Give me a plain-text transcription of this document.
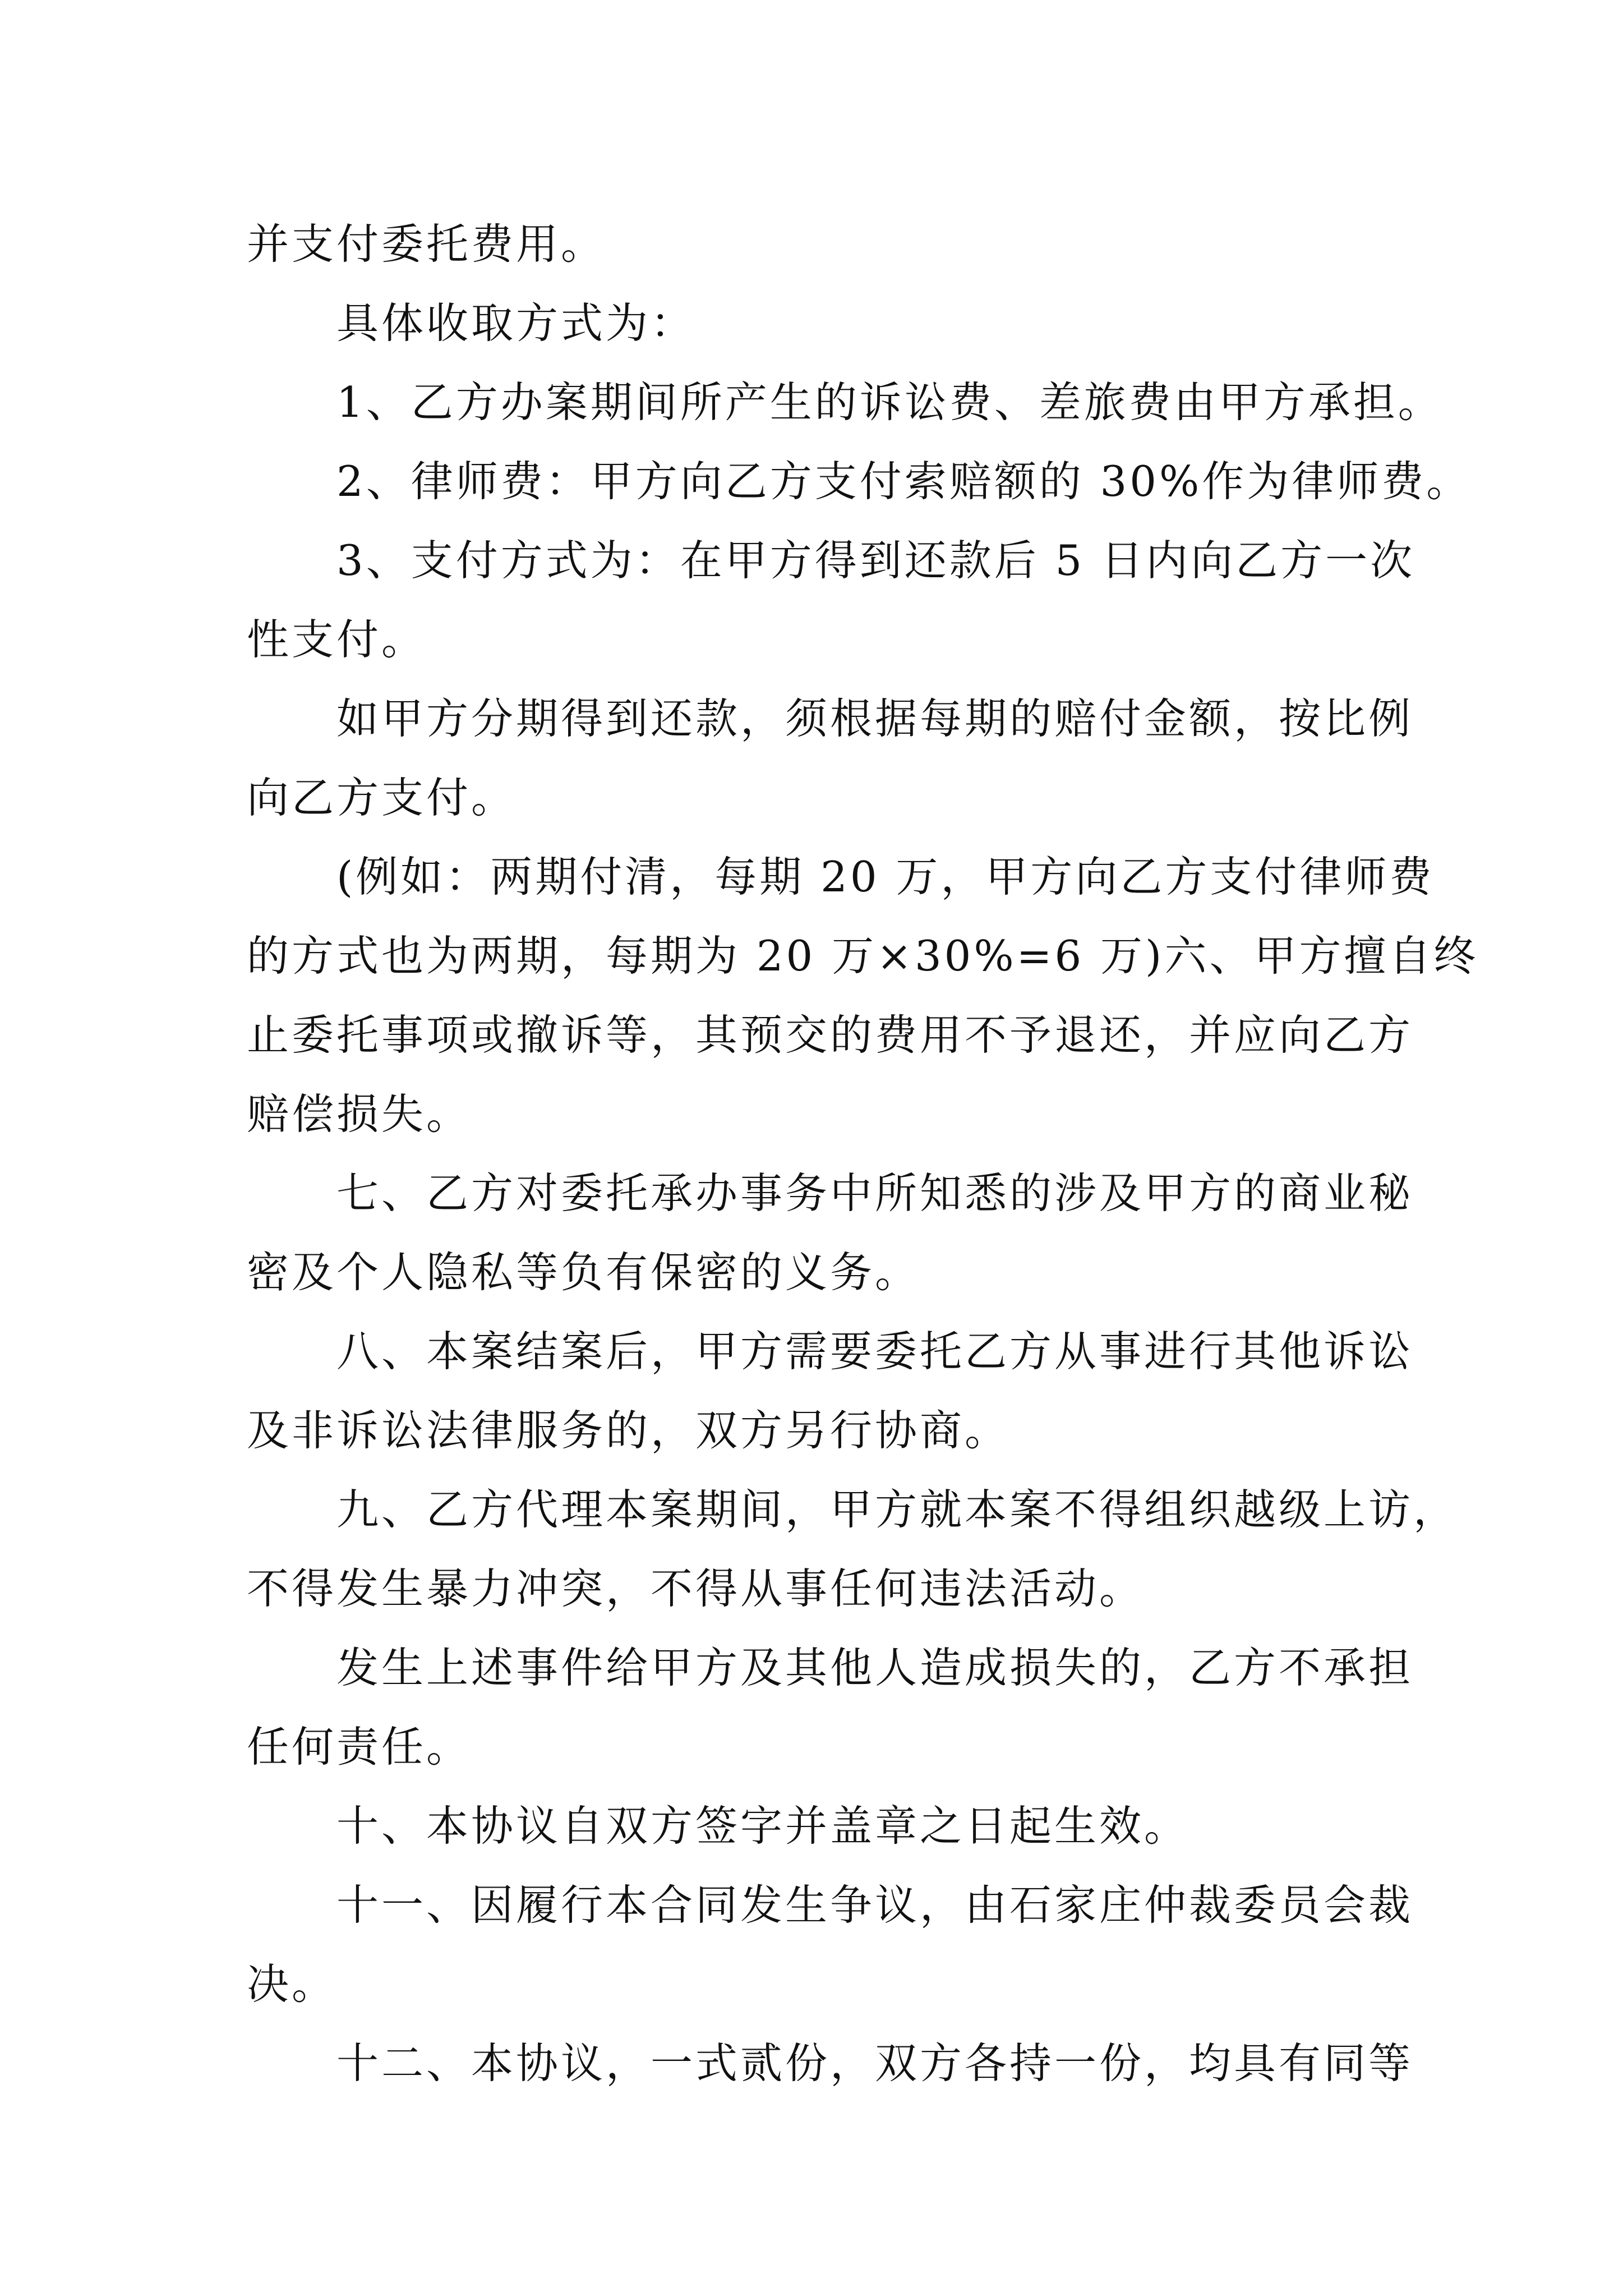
并支付委托费用。
具体收取方式为：
1、乙方办案期间所产生的诉讼费、差旅费由甲方承担。
2、律师费：甲方向乙方支付索赔额的 30%作为律师费。
3、支付方式为：在甲方得到还款后 5 日内向乙方一次
性支付。
如甲方分期得到还款，须根据每期的赔付金额，按比例
向乙方支付。
(例如：两期付清，每期 20 万，甲方向乙方支付律师费
的方式也为两期，每期为 20 万×30%=6 万)六、甲方擅自终
止委托事项或撤诉等，其预交的费用不予退还，并应向乙方
赔偿损失。
七、乙方对委托承办事务中所知悉的涉及甲方的商业秘
密及个人隐私等负有保密的义务。
八、本案结案后，甲方需要委托乙方从事进行其他诉讼
及非诉讼法律服务的，双方另行协商。
九、乙方代理本案期间，甲方就本案不得组织越级上访，
不得发生暴力冲突，不得从事任何违法活动。
发生上述事件给甲方及其他人造成损失的，乙方不承担
任何责任。
十、本协议自双方签字并盖章之日起生效。
十一、因履行本合同发生争议，由石家庄仲裁委员会裁
决。
十二、本协议，一式贰份，双方各持一份，均具有同等
